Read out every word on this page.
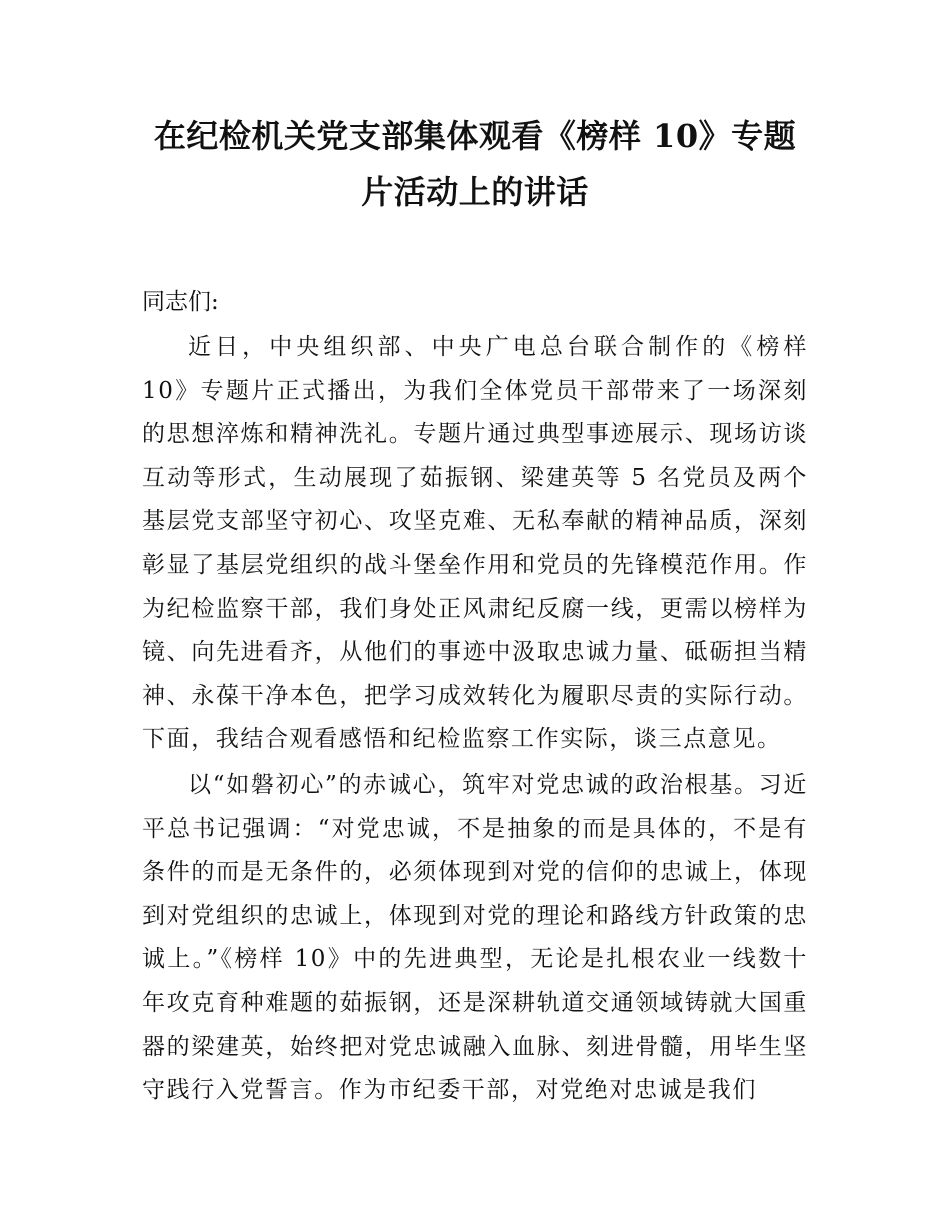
在纪检机关党支部集体观看《榜样 10》专题
片活动上的讲话

同志们:

近日，中央组织部、中央广电总台联合制作的《榜样 10》专题片正式播出，为我们全体党员干部带来了一场深刻的思想淬炼和精神洗礼。专题片通过典型事迹展示、现场访谈互动等形式，生动展现了茹振钢、梁建英等 5 名党员及两个基层党支部坚守初心、攻坚克难、无私奉献的精神品质，深刻彰显了基层党组织的战斗堡垒作用和党员的先锋模范作用。作为纪检监察干部，我们身处正风肃纪反腐一线，更需以榜样为镜、向先进看齐，从他们的事迹中汲取忠诚力量、砥砺担当精神、永葆干净本色，把学习成效转化为履职尽责的实际行动。下面，我结合观看感悟和纪检监察工作实际，谈三点意见。

以“如磐初心”的赤诚心，筑牢对党忠诚的政治根基。习近平总书记强调：“对党忠诚，不是抽象的而是具体的，不是有条件的而是无条件的，必须体现到对党的信仰的忠诚上，体现到对党组织的忠诚上，体现到对党的理论和路线方针政策的忠诚上。”《榜样 10》中的先进典型，无论是扎根农业一线数十年攻克育种难题的茹振钢，还是深耕轨道交通领域铸就大国重器的梁建英，始终把对党忠诚融入血脉、刻进骨髓，用毕生坚守践行入党誓言。作为市纪委干部，对党绝对忠诚是我们
